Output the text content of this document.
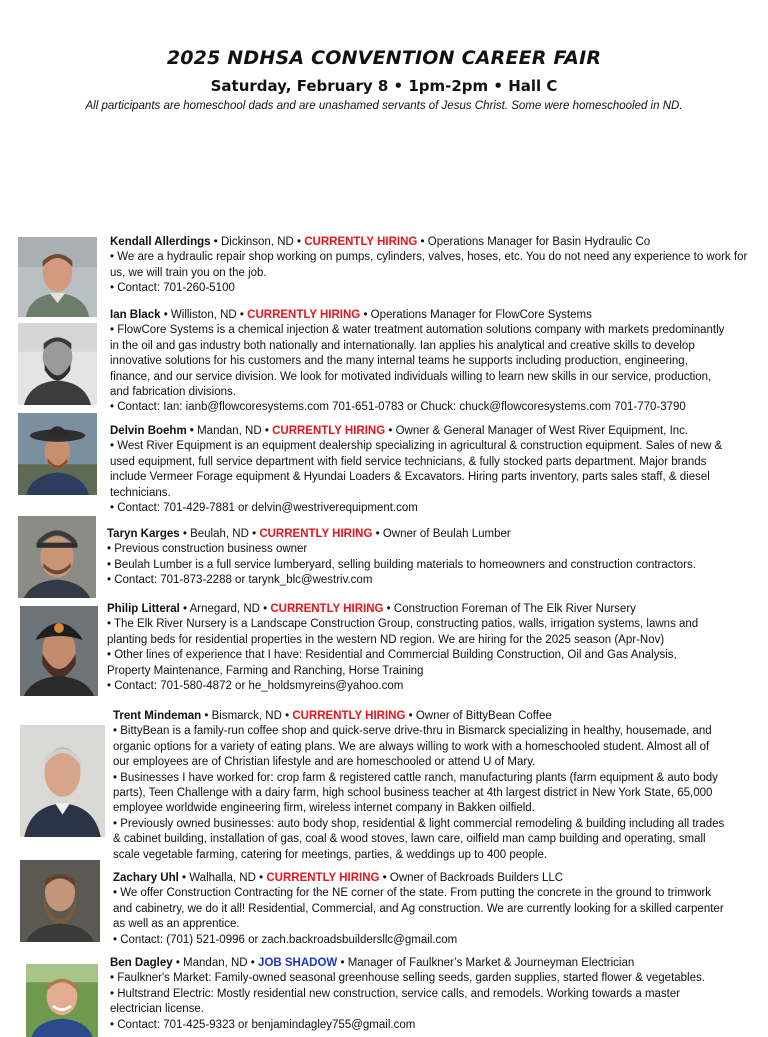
2025 NDHSA CONVENTION CAREER FAIR
Saturday, February 8 • 1pm-2pm • Hall C

All participants are homeschool dads and are unashamed servants of Jesus Christ. Some were homeschooled in ND.

Kendall Allerdings • Dickinson, ND • CURRENTLY HIRING • Operations Manager for Basin Hydraulic Co

• We are a hydraulic repair shop working on pumps, cylinders, valves, hoses, etc. You do not need any experience to work for us, we will train you on the job.

• Contact: 701-260-5100

Ian Black • Williston, ND • CURRENTLY HIRING • Operations Manager for FlowCore Systems

• FlowCore Systems is a chemical injection & water treatment automation solutions company with markets predominantly in the oil and gas industry both nationally and internationally. Ian applies his analytical and creative skills to develop innovative solutions for his customers and the many internal teams he supports including production, engineering, finance, and our service division. We look for motivated individuals willing to learn new skills in our service, production, and fabrication divisions.

• Contact: Ian: ianb@flowcoresystems.com 701-651-0783 or Chuck: chuck@flowcoresystems.com 701-770-3790

Delvin Boehm • Mandan, ND • CURRENTLY HIRING • Owner & General Manager of West River Equipment, Inc.

• West River Equipment is an equipment dealership specializing in agricultural & construction equipment. Sales of new & used equipment, full service department with field service technicians, & fully stocked parts department. Major brands include Vermeer Forage equipment & Hyundai Loaders & Excavators. Hiring parts inventory, parts sales staff, & diesel technicians.

• Contact: 701-429-7881 or delvin@westriverequipment.com

Taryn Karges • Beulah, ND • CURRENTLY HIRING • Owner of Beulah Lumber

• Previous construction business owner

• Beulah Lumber is a full service lumberyard, selling building materials to homeowners and construction contractors.

• Contact: 701-873-2288 or tarynk_blc@westriv.com

Philip Litteral • Arnegard, ND • CURRENTLY HIRING • Construction Foreman of The Elk River Nursery

• The Elk River Nursery is a Landscape Construction Group, constructing patios, walls, irrigation systems, lawns and planting beds for residential properties in the western ND region. We are hiring for the 2025 season (Apr-Nov)

• Other lines of experience that I have: Residential and Commercial Building Construction, Oil and Gas Analysis, Property Maintenance, Farming and Ranching, Horse Training

• Contact: 701-580-4872 or he_holdsmyreins@yahoo.com

Trent Mindeman • Bismarck, ND • CURRENTLY HIRING • Owner of BittyBean Coffee

• BittyBean is a family-run coffee shop and quick-serve drive-thru in Bismarck specializing in healthy, housemade, and organic options for a variety of eating plans. We are always willing to work with a homeschooled student. Almost all of our employees are of Christian lifestyle and are homeschooled or attend U of Mary.

• Businesses I have worked for: crop farm & registered cattle ranch, manufacturing plants (farm equipment & auto body parts), Teen Challenge with a dairy farm, high school business teacher at 4th largest district in New York State, 65,000 employee worldwide engineering firm, wireless internet company in Bakken oilfield.

• Previously owned businesses: auto body shop, residential & light commercial remodeling & building including all trades & cabinet building, installation of gas, coal & wood stoves, lawn care, oilfield man camp building and operating, small scale vegetable farming, catering for meetings, parties, & weddings up to 400 people.

Zachary Uhl • Walhalla, ND • CURRENTLY HIRING • Owner of Backroads Builders LLC

• We offer Construction Contracting for the NE corner of the state. From putting the concrete in the ground to trimwork and cabinetry, we do it all! Residential, Commercial, and Ag construction. We are currently looking for a skilled carpenter as well as an apprentice.

• Contact: (701) 521-0996 or zach.backroadsbuildersllc@gmail.com

Ben Dagley • Mandan, ND • JOB SHADOW • Manager of Faulkner’s Market & Journeyman Electrician

• Faulkner's Market: Family-owned seasonal greenhouse selling seeds, garden supplies, started flower & vegetables.

• Hultstrand Electric: Mostly residential new construction, service calls, and remodels. Working towards a master electrician license.

• Contact: 701-425-9323 or benjamindagley755@gmail.com
